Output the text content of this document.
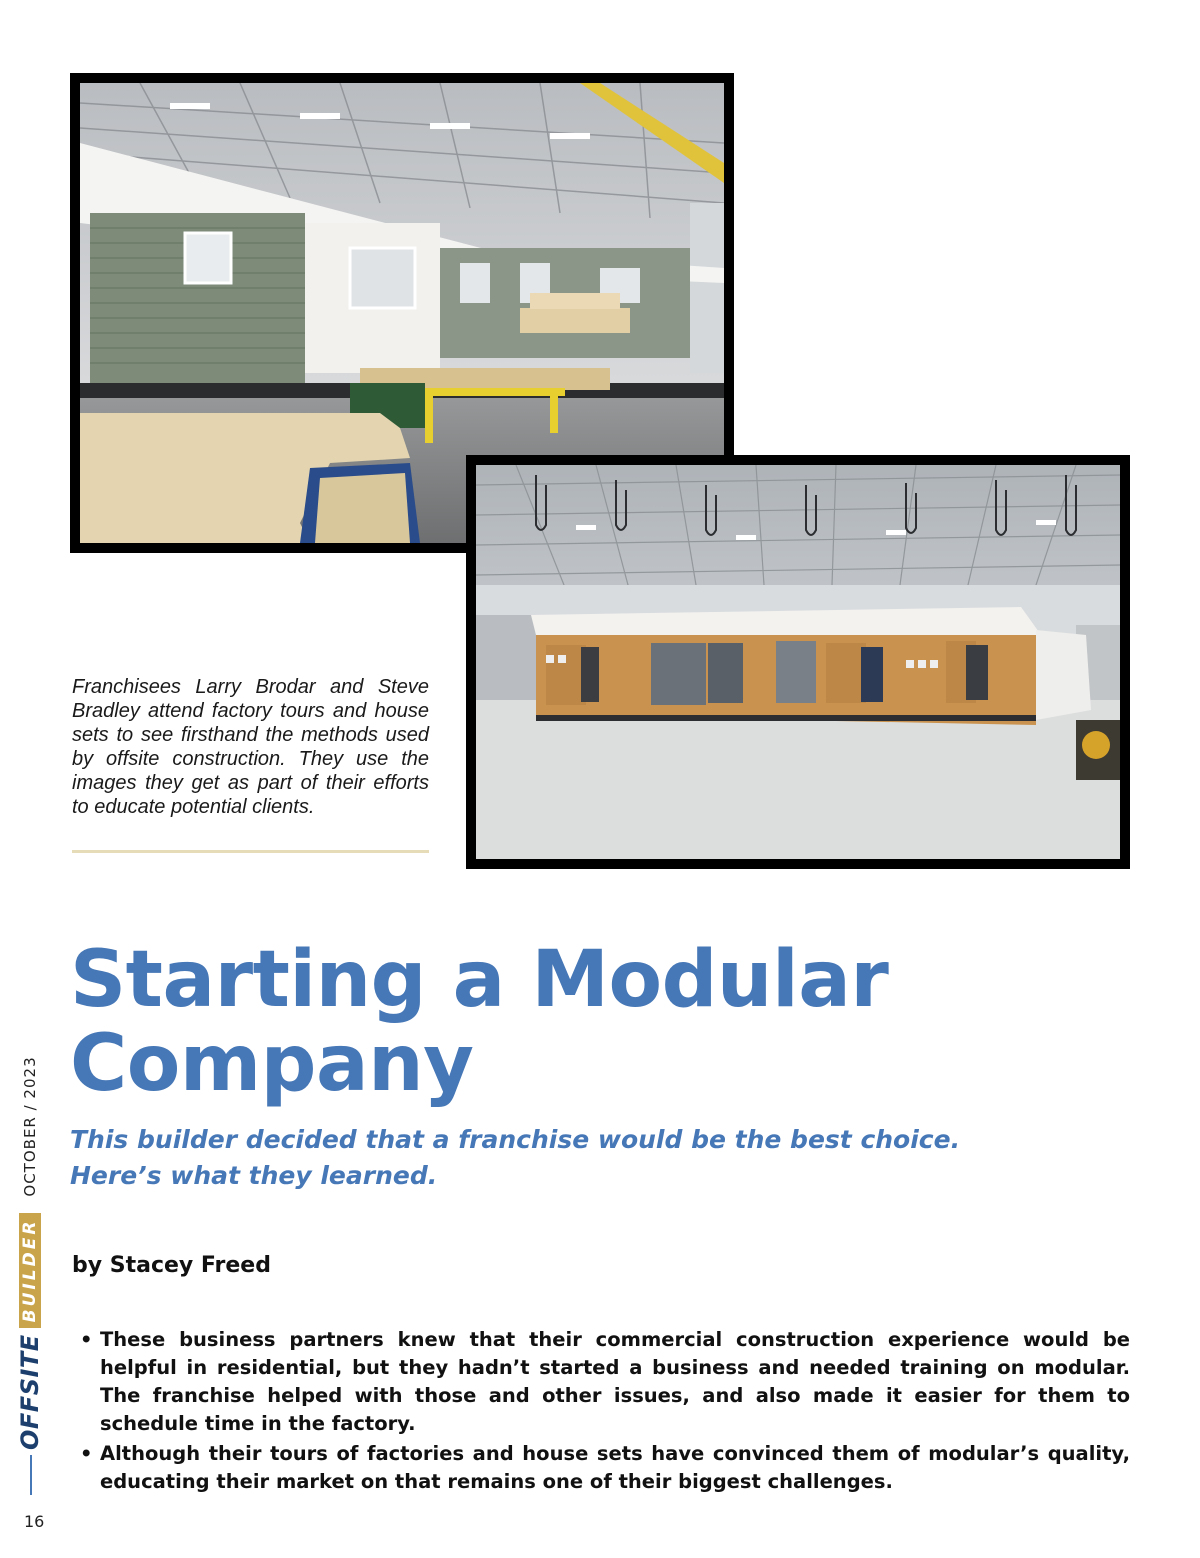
Franchisees Larry Brodar and Steve Bradley attend factory tours and house sets to see firsthand the methods used by offsite construction. They use the images they get as part of their efforts to educate potential clients.

Starting a Modular Company
This builder decided that a franchise would be the best choice.
Here’s what they learned.

by Stacey Freed

• These business partners knew that their commercial construction experience would be helpful in residential, but they hadn’t started a business and needed training on modular. The franchise helped with those and other issues, and also made it easier for them to schedule time in the factory.
• Although their tours of factories and house sets have convinced them of modular’s quality, educating their market on that remains one of their biggest challenges.
OFFSITE
BUILDER
OCTOBER / 2023
16
